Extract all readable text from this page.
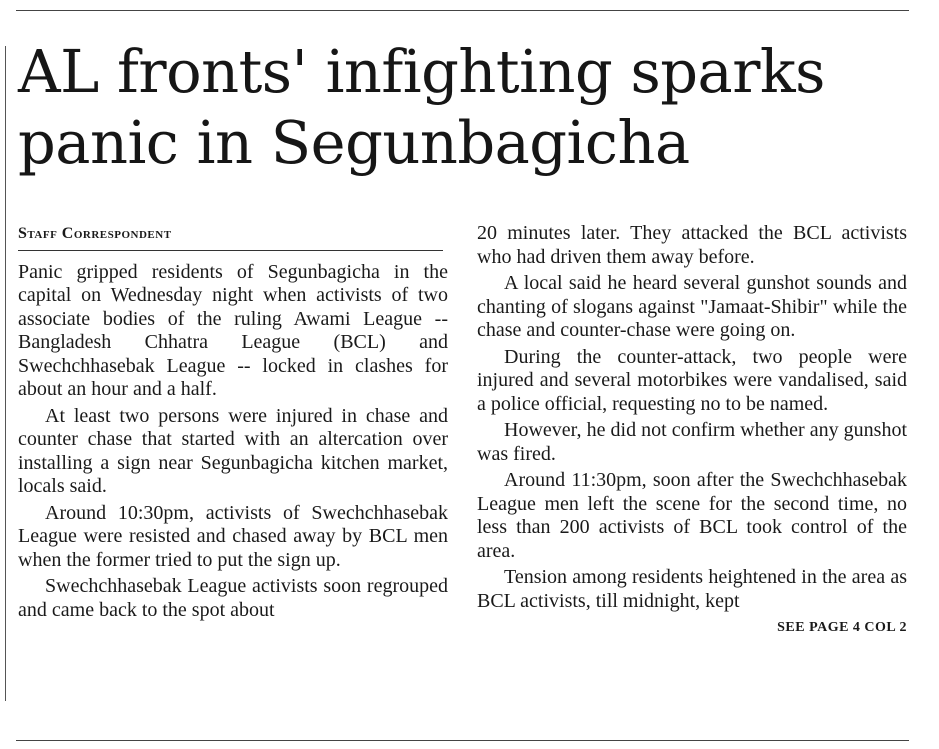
AL fronts' infighting sparks panic in Segunbagicha
Staff Correspondent

Panic gripped residents of Segunbagicha in the capital on Wednesday night when activists of two associate bodies of the ruling Awami League -- Bangladesh Chhatra League (BCL) and Swechchhasebak League -- locked in clashes for about an hour and a half.

At least two persons were injured in chase and counter chase that started with an altercation over installing a sign near Segunbagicha kitchen market, locals said.

Around 10:30pm, activists of Swechchhasebak League were resisted and chased away by BCL men when the former tried to put the sign up.

Swechchhasebak League activists soon regrouped and came back to the spot about

20 minutes later. They attacked the BCL activists who had driven them away before.

A local said he heard several gunshot sounds and chanting of slogans against "Jamaat-Shibir" while the chase and counter-chase were going on.

During the counter-attack, two people were injured and several motorbikes were vandalised, said a police official, requesting no to be named.

However, he did not confirm whether any gunshot was fired.

Around 11:30pm, soon after the Swechchhasebak League men left the scene for the second time, no less than 200 activists of BCL took control of the area.

Tension among residents heightened in the area as BCL activists, till midnight, kept

SEE PAGE 4 COL 2
